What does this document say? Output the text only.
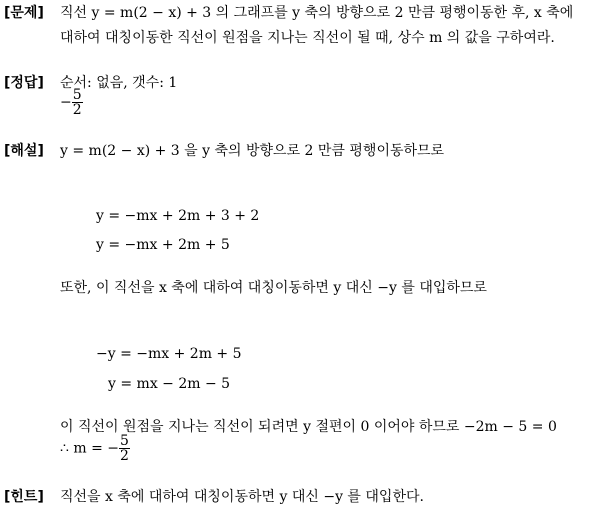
[문제] 직선 y = m(2 − x) + 3 의 그래프를 y 축의 방향으로 2 만큼 평행이동한 후, x 축에
대하여 대칭이동한 직선이 원점을 지나는 직선이 될 때, 상수 m 의 값을 구하여라.
[정답] 순서: 없음, 갯수: 1
− $\frac{5}{2}$
[해설] y = m(2 − x) + 3 을 y 축의 방향으로 2 만큼 평행이동하므로
y = −mx + 2m + 3 + 2
y = −mx + 2m + 5
또한, 이 직선을 x 축에 대하여 대칭이동하면 y 대신 −y 를 대입하므로
−y = −mx + 2m + 5
y = mx − 2m − 5
이 직선이 원점을 지나는 직선이 되려면 y 절편이 0 이어야 하므로 −2m − 5 = 0
∴ m = − $\frac{5}{2}$
[힌트] 직선을 x 축에 대하여 대칭이동하면 y 대신 −y 를 대입한다.
